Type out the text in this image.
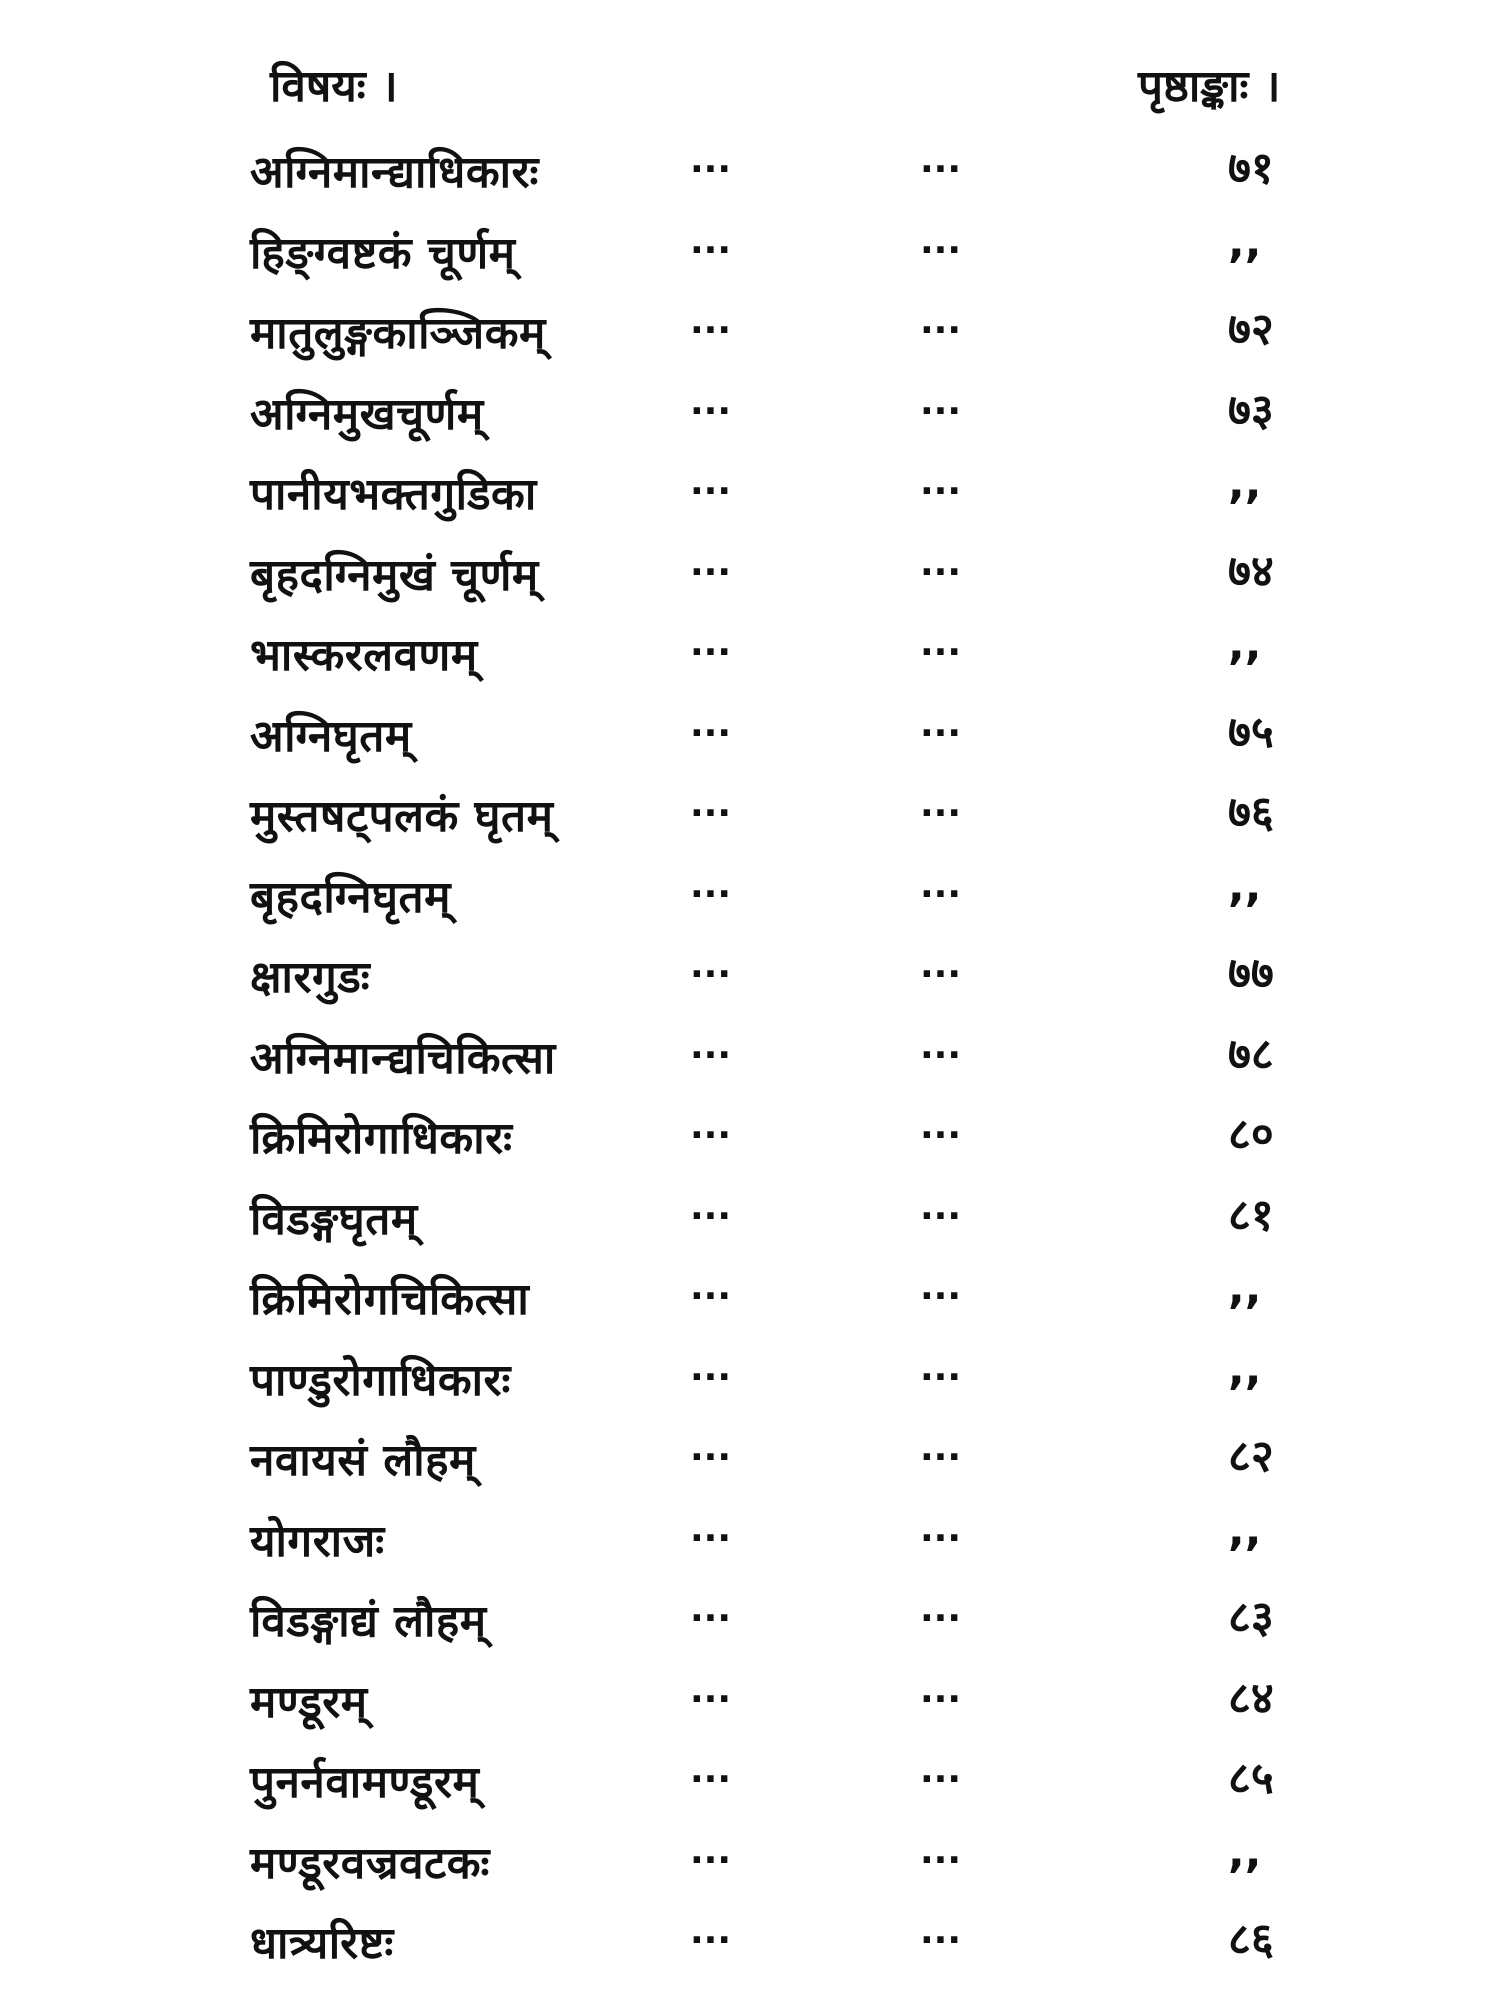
विषयः ।	पृष्ठाङ्काः ।
अग्निमान्द्याधिकारः	...	...	७१
हिङ्ग्वष्टकं चूर्णम्	...	...	,,
मातुलुङ्गकाञ्जिकम्	...	...	७२
अग्निमुखचूर्णम्	...	...	७३
पानीयभक्तगुडिका	...	...	,,
बृहदग्निमुखं चूर्णम्	...	...	७४
भास्करलवणम्	...	...	,,
अग्निघृतम्	...	...	७५
मुस्तषट्पलकं घृतम्	...	...	७६
बृहदग्निघृतम्	...	...	,,
क्षारगुडः	...	...	७७
अग्निमान्द्यचिकित्सा	...	...	७८
क्रिमिरोगाधिकारः	...	...	८०
विडङ्गघृतम्	...	...	८१
क्रिमिरोगचिकित्सा	...	...	,,
पाण्डुरोगाधिकारः	...	...	,,
नवायसं लौहम्	...	...	८२
योगराजः	...	...	,,
विडङ्गाद्यं लौहम्	...	...	८३
मण्डूरम्	...	...	८४
पुनर्नवामण्डूरम्	...	...	८५
मण्डूरवज्रवटकः	...	...	,,
धात्र्यरिष्टः	...	...	८६
